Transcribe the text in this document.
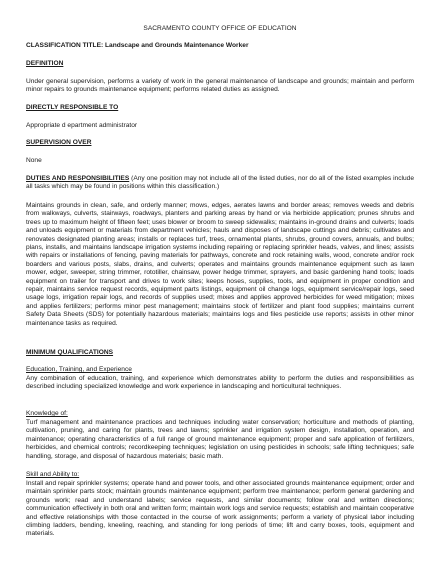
SACRAMENTO COUNTY OFFICE OF EDUCATION

CLASSIFICATION TITLE: Landscape and Grounds Maintenance Worker

DEFINITION

Under general supervision, performs a variety of work in the general maintenance of landscape and grounds; maintain and perform minor repairs to grounds maintenance equipment; performs related duties as assigned.

DIRECTLY RESPONSIBLE TO

Appropriate d epartment administrator

SUPERVISION OVER

None

DUTIES AND RESPONSIBILITIES (Any one position may not include all of the listed duties, nor do all of the listed examples include all tasks which may be found in positions within this classification.)

Maintains grounds in clean, safe, and orderly manner; mows, edges, aerates lawns and border areas; removes weeds and debris from walkways, culverts, stairways, roadways, planters and parking areas by hand or via herbicide application; prunes shrubs and trees up to maximum height of fifteen feet; uses blower or broom to sweep sidewalks; maintains in-ground drains and culverts; loads and unloads equipment or materials from department vehicles; hauls and disposes of landscape cuttings and debris; cultivates and renovates designated planting areas; installs or replaces turf, trees, ornamental plants, shrubs, ground covers, annuals, and bulbs; plans, installs, and maintains landscape irrigation systems including repairing or replacing sprinkler heads, valves, and lines; assists with repairs or installations of fencing, paving materials for pathways, concrete and rock retaining walls, wood, concrete and/or rock boarders and various posts, slabs, drains, and culverts; operates and maintains grounds maintenance equipment such as lawn mower, edger, sweeper, string trimmer, rototiller, chainsaw, power hedge trimmer, sprayers, and basic gardening hand tools; loads equipment on trailer for transport and drives to work sites; keeps hoses, supplies, tools, and equipment in proper condition and repair, maintains service request records, equipment parts listings, equipment oil change logs, equipment service/repair logs, seed usage logs, irrigation repair logs, and records of supplies used; mixes and applies approved herbicides for weed mitigation; mixes and applies fertilizers; performs minor pest management; maintains stock of fertilizer and plant food supplies; maintains current Safety Data Sheets (SDS) for potentially hazardous materials; maintains logs and files pesticide use reports; assists in other minor maintenance tasks as required.

MINIMUM QUALIFICATIONS

Education, Training, and Experience

Any combination of education, training, and experience which demonstrates ability to perform the duties and responsibilities as described including specialized knowledge and work experience in landscaping and horticultural techniques.

Knowledge of:

Turf management and maintenance practices and techniques including water conservation; horticulture and methods of planting, cultivation, pruning, and caring for plants, trees and lawns; sprinkler and irrigation system design, installation, operation, and maintenance; operating characteristics of a full range of ground maintenance equipment; proper and safe application of fertilizers, herbicides, and chemical controls; recordkeeping techniques; legislation on using pesticides in schools; safe lifting techniques; safe handling, storage, and disposal of hazardous materials; basic math.

Skill and Ability to:

Install and repair sprinkler systems; operate hand and power tools, and other associated grounds maintenance equipment; order and maintain sprinkler parts stock; maintain grounds maintenance equipment; perform tree maintenance; perform general gardening and grounds work; read and understand labels; service requests, and similar documents; follow oral and written directions; communication effectively in both oral and written form; maintain work logs and service requests; establish and maintain cooperative and effective relationships with those contacted in the course of work assignments; perform a variety of physical labor including climbing ladders, bending, kneeling, reaching, and standing for long periods of time; lift and carry boxes, tools, equipment and materials.
